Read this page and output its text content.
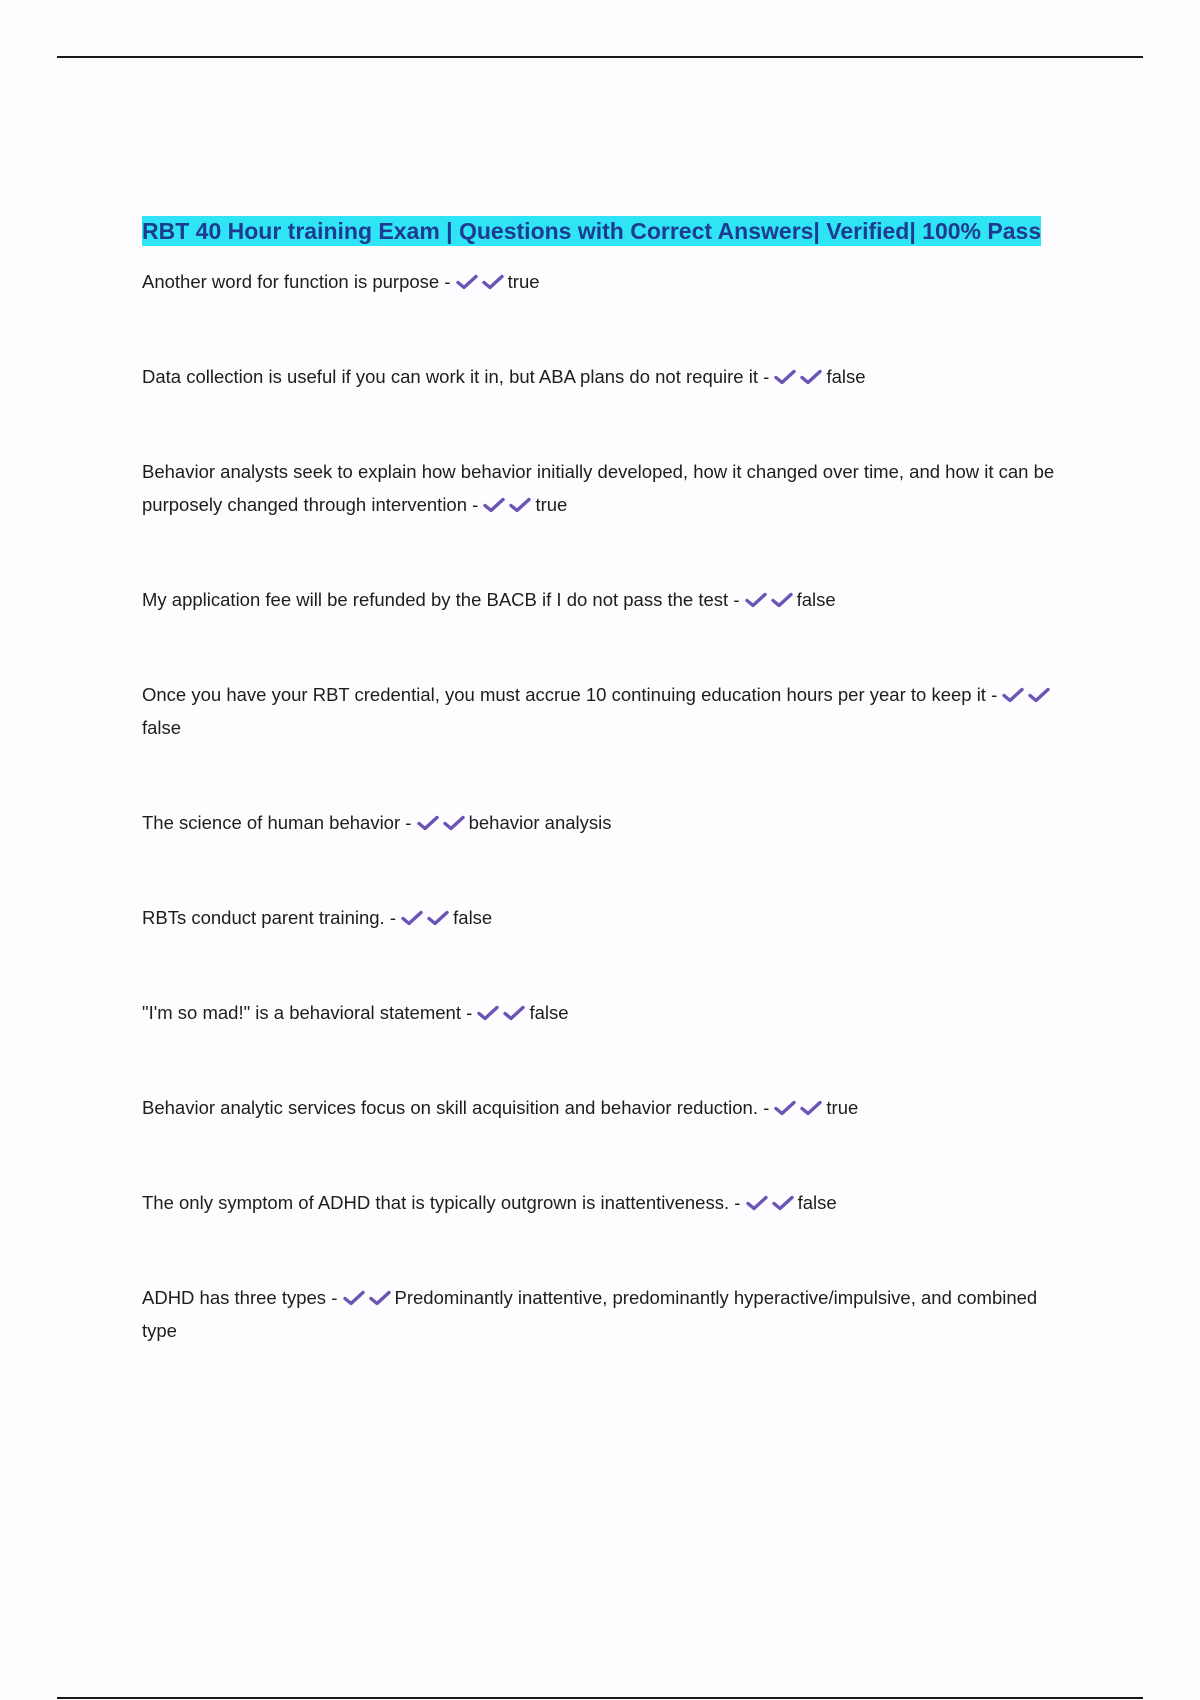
RBT 40 Hour training Exam | Questions with Correct Answers| Verified| 100% Pass

Another word for function is purpose -	true

Data collection is useful if you can work it in, but ABA plans do not require it -	false

Behavior analysts seek to explain how behavior initially developed, how it changed over time, and how it can be purposely changed through intervention -	true

My application fee will be refunded by the BACB if I do not pass the test -	false

Once you have your RBT credential, you must accrue 10 continuing education hours per year to keep it -
false

The science of human behavior -	behavior analysis

RBTs conduct parent training. -	false

"I'm so mad!" is a behavioral statement -	false

Behavior analytic services focus on skill acquisition and behavior reduction. -	true

The only symptom of ADHD that is typically outgrown is inattentiveness. -	false

ADHD has three types -	Predominantly inattentive, predominantly hyperactive/impulsive, and combined type
